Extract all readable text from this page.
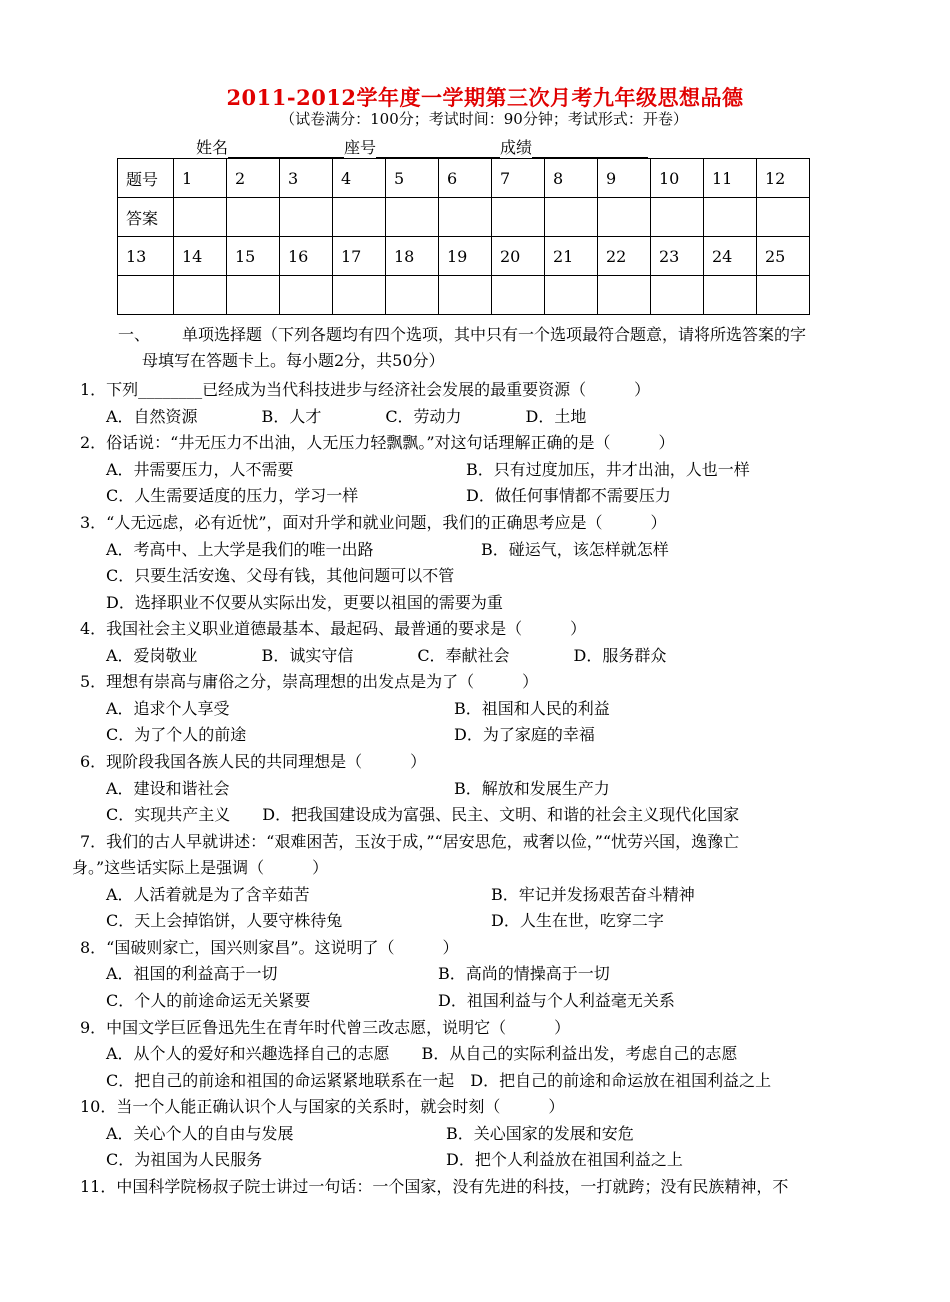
2011-2012学年度一学期第三次月考九年级思想品德
（试卷满分：100分；考试时间：90分钟；考试形式：开卷）
姓名	座号	成绩
题号	1	2	3	4	5	6	7	8	9	10	11	12
答案												
13	14	15	16	17	18	19	20	21	22	23	24	25

一、 单项选择题（下列各题均有四个选项，其中只有一个选项最符合题意，请将所选答案的字
母填写在答题卡上。每小题2分，共50分）
1．下列________已经成为当代科技进步与经济社会发展的最重要资源（　　　）
A．自然资源　　　　B．人才　　　　C．劳动力　　　　D．土地
2．俗话说：“井无压力不出油，人无压力轻飘飘。”对这句话理解正确的是（　　　）
A．井需要压力，人不需要	B．只有过度加压，井才出油，人也一样
C．人生需要适度的压力，学习一样	D．做任何事情都不需要压力
3．“人无远虑，必有近忧”，面对升学和就业问题，我们的正确思考应是（　　　）
A．考高中、上大学是我们的唯一出路	B．碰运气，该怎样就怎样
C．只要生活安逸、父母有钱，其他问题可以不管
D．选择职业不仅要从实际出发，更要以祖国的需要为重
4．我国社会主义职业道德最基本、最起码、最普通的要求是（　　　）
A．爱岗敬业　　　　B．诚实守信　　　　C．奉献社会　　　　D．服务群众
5．理想有崇高与庸俗之分，崇高理想的出发点是为了（　　　）
A．追求个人享受	B．祖国和人民的利益
C．为了个人的前途	D．为了家庭的幸福
6．现阶段我国各族人民的共同理想是（　　　）
A．建设和谐社会	B．解放和发展生产力
C．实现共产主义　　D．把我国建设成为富强、民主、文明、和谐的社会主义现代化国家
7．我们的古人早就讲述：“艰难困苦，玉汝于成，”“居安思危，戒奢以俭，”“忧劳兴国，逸豫亡
身。”这些话实际上是强调（　　　）
A．人活着就是为了含辛茹苦	B．牢记并发扬艰苦奋斗精神
C．天上会掉馅饼，人要守株待兔	D．人生在世，吃穿二字
8．“国破则家亡，国兴则家昌”。这说明了（　　　）
A．祖国的利益高于一切	B．高尚的情操高于一切
C．个人的前途命运无关紧要	D．祖国利益与个人利益毫无关系
9．中国文学巨匠鲁迅先生在青年时代曾三改志愿，说明它（　　　）
A．从个人的爱好和兴趣选择自己的志愿　　B．从自己的实际利益出发，考虑自己的志愿
C．把自己的前途和祖国的命运紧紧地联系在一起　D．把自己的前途和命运放在祖国利益之上
10．当一个人能正确认识个人与国家的关系时，就会时刻（　　　）
A．关心个人的自由与发展	B．关心国家的发展和安危
C．为祖国为人民服务	D．把个人利益放在祖国利益之上
11．中国科学院杨叔子院士讲过一句话：一个国家，没有先进的科技，一打就跨；没有民族精神，不
